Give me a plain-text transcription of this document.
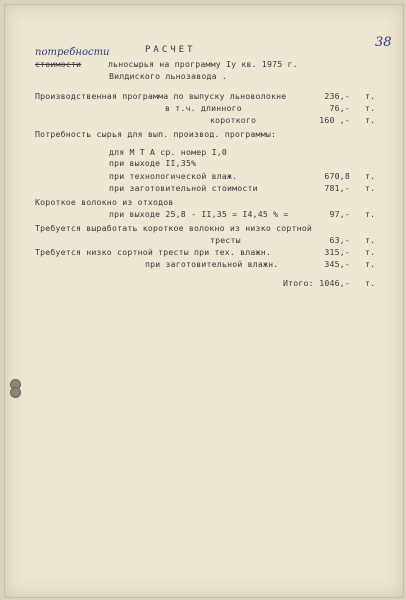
38
РАСЧЕТ
потребности
стоимости	льносырья на программу Iу кв. 1975 г.
Вилдиского льнозавода .
Производственная программа по выпуску льноволокне	236,- т.
в т.ч. длинного	76,- т.
короткого	160 ,- т.
Потребность сырья для вып. производ. программы:
для М Т А ср. номер I,0
при выходе II,35%
при технологической влаж.	670,8 т.
при заготовительной стоимости	781,- т.
Короткое волокно из отходов
при выходе 25,8 - II,35 = I4,45 % =	97,- т.
Требуется выработать короткое волокно из низко сортной
тресты	63,- т.
Требуется низко сортной тресты при тех. влажн.	315,- т.
при заготовительной влажн.	345,- т.
Итого: 1046,- т.
